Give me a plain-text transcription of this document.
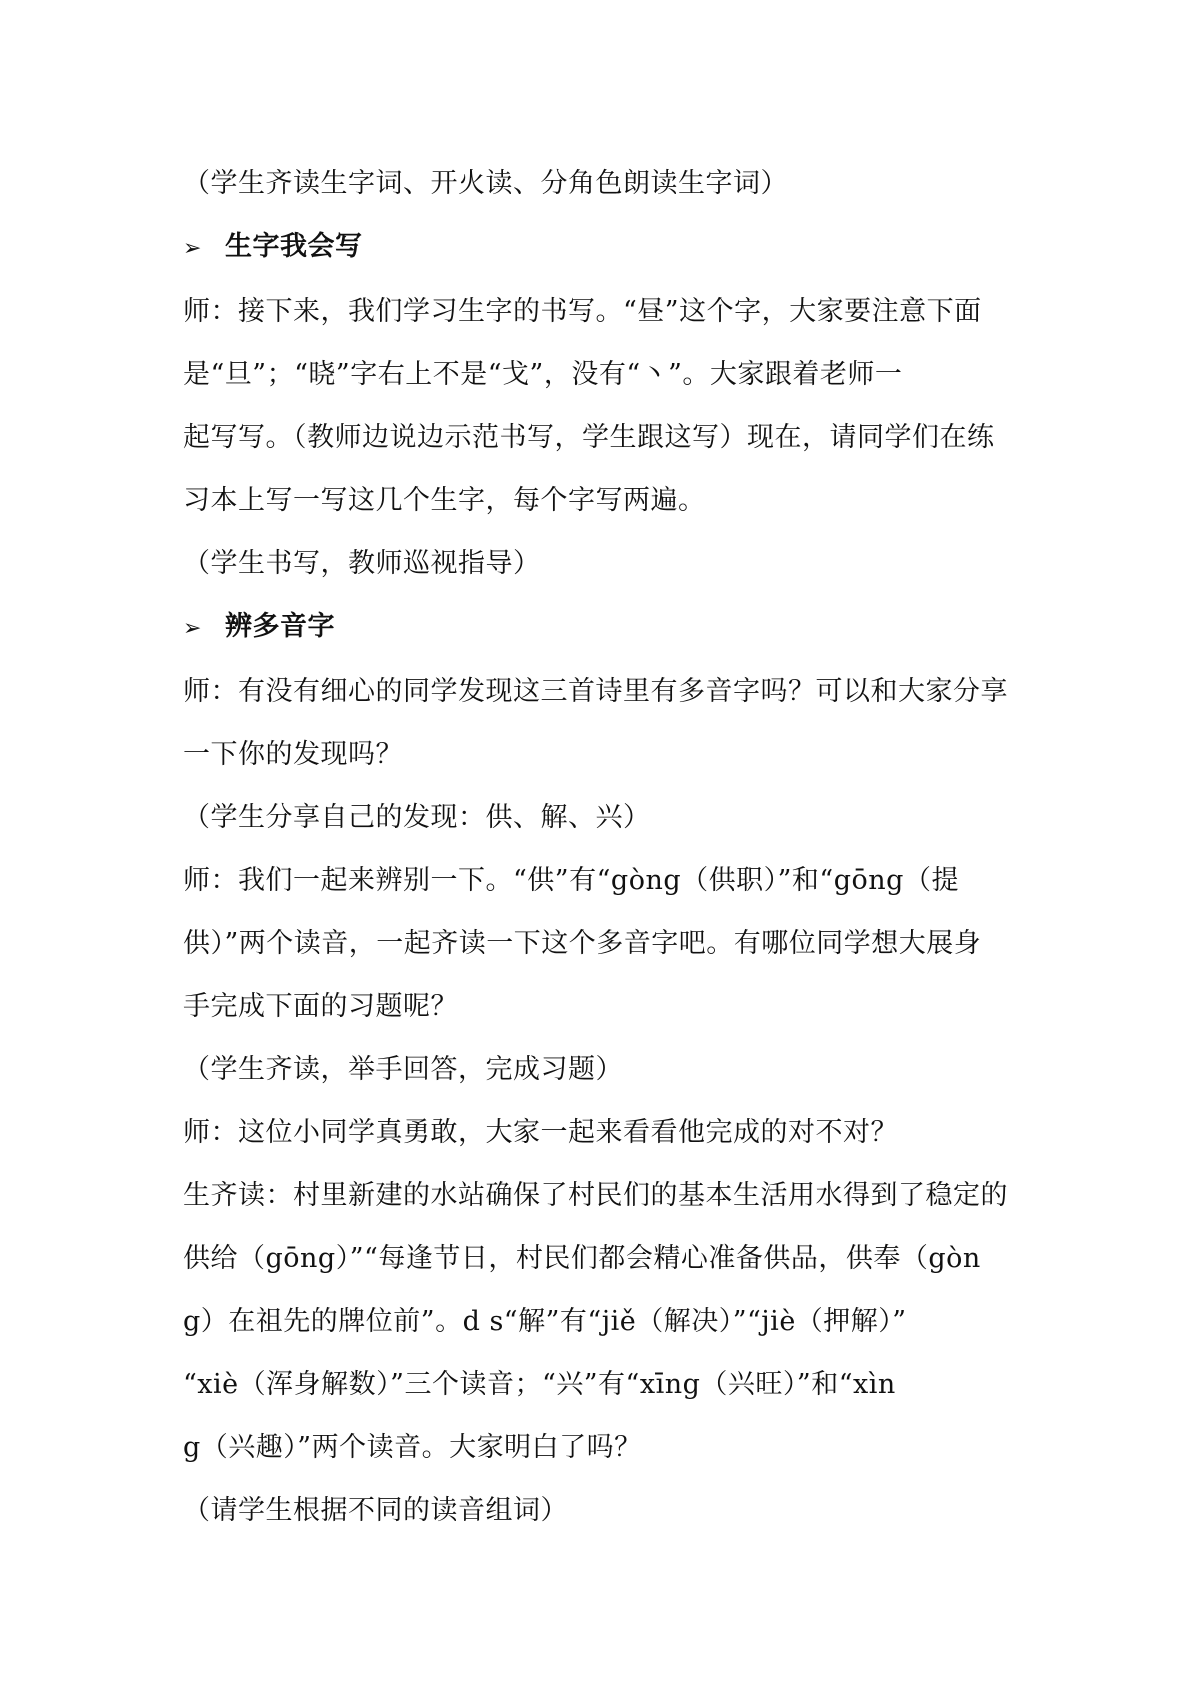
（学生齐读生字词、开火读、分角色朗读生字词）
➢ 生字我会写
师：接下来，我们学习生字的书写。“昼”这个字，大家要注意下面
是“旦”；“晓”字右上不是“戈”，没有“丶”。大家跟着老师一
起写写。（教师边说边示范书写，学生跟这写）现在，请同学们在练
习本上写一写这几个生字，每个字写两遍。
（学生书写，教师巡视指导）
➢ 辨多音字
师：有没有细心的同学发现这三首诗里有多音字吗？可以和大家分享
一下你的发现吗？
（学生分享自己的发现：供、解、兴）
师：我们一起来辨别一下。“供”有“gòng（供职）”和“gōng（提
供）”两个读音，一起齐读一下这个多音字吧。有哪位同学想大展身
手完成下面的习题呢？
（学生齐读，举手回答，完成习题）
师：这位小同学真勇敢，大家一起来看看他完成的对不对？
生齐读：村里新建的水站确保了村民们的基本生活用水得到了稳定的
供给（gōng）”“每逢节日，村民们都会精心准备供品，供奉（gòn
g）在祖先的牌位前”。d s“解”有“jiě（解决）”“jiè（押解）”
“xiè（浑身解数）”三个读音；“兴”有“xīng（兴旺）”和“xìn
g（兴趣）”两个读音。大家明白了吗？
（请学生根据不同的读音组词）
